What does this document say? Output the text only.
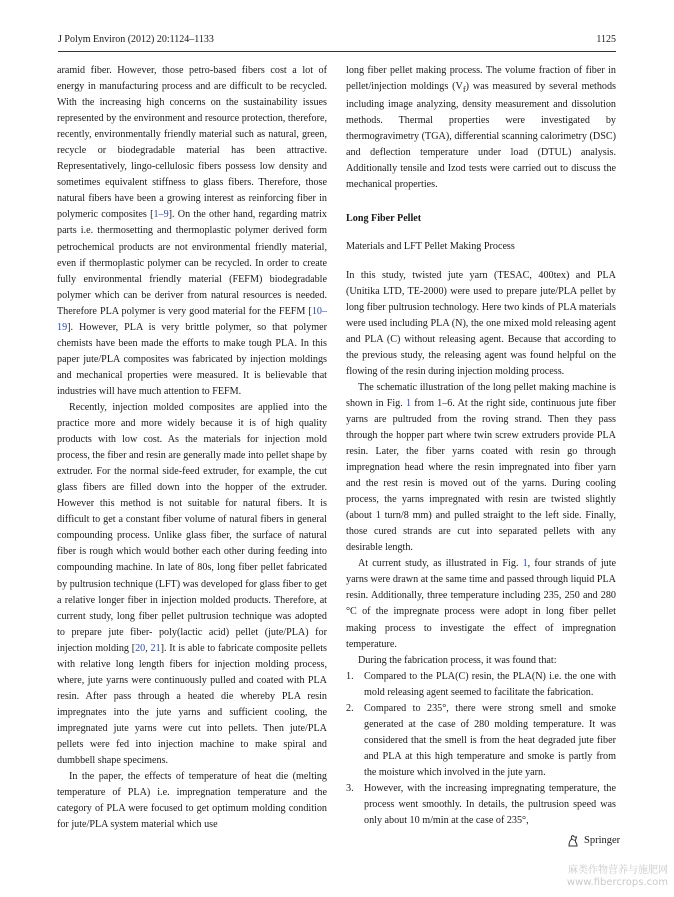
J Polym Environ (2012) 20:1124–1133	1125

aramid fiber. However, those petro-based fibers cost a lot of energy in manufacturing process and are difficult to be recycled. With the increasing high concerns on the sustainability issues represented by the environment and resource protection, therefore, recently, environmentally friendly material such as natural, green, recycle or biodegradable material has been attractive. Representatively, lingo-cellulosic fibers possess low density and sometimes equivalent stiffness to glass fibers. Therefore, those natural fibers have been a growing interest as reinforcing fiber in polymeric composites [1–9]. On the other hand, regarding matrix parts i.e. thermosetting and thermoplastic polymer derived form petrochemical products are not environmental friendly material, even if thermoplastic polymer can be recycled. In order to create fully environmental friendly material (FEFM) biodegradable polymer which can be deriver from natural resources is needed. Therefore PLA polymer is very good material for the FEFM [10–19]. However, PLA is very brittle polymer, so that polymer chemists have been made the efforts to make tough PLA. In this paper jute/PLA composites was fabricated by injection moldings and mechanical properties were measured. It is believable that industries will have much attention to FEFM.

Recently, injection molded composites are applied into the practice more and more widely because it is of high quality products with low cost. As the materials for injection mold process, the fiber and resin are generally made into pellet shape by extruder. For the normal side-feed extruder, for example, the cut glass fibers are filled down into the hopper of the extruder. However this method is not suitable for natural fibers. It is difficult to get a constant fiber volume of natural fibers in general compounding process. Unlike glass fiber, the surface of natural fiber is rough which would bother each other during feeding into compounding machine. In late of 80s, long fiber pellet fabricated by pultrusion technique (LFT) was developed for glass fiber to get a relative longer fiber in injection molded products. Therefore, at current study, long fiber pellet pultrusion technique was adopted to prepare jute fiber- poly(lactic acid) pellet (jute/PLA) for injection molding [20, 21]. It is able to fabricate composite pellets with relative long length fibers for injection molding process, where, jute yarns were continuously pulled and coated with PLA resin. After pass through a heated die whereby PLA resin impregnates into the jute yarns and sufficient cooling, the impregnated jute yarns were cut into pellets. Then jute/PLA pellets were fed into injection machine to make spiral and dumbbell shape specimens.

In the paper, the effects of temperature of heat die (melting temperature of PLA) i.e. impregnation temperature and the category of PLA were focused to get optimum molding condition for jute/PLA system material which use

long fiber pellet making process. The volume fraction of fiber in pellet/injection moldings $(V_f)$ was measured by several methods including image analyzing, density measurement and dissolution methods. Thermal properties were investigated by thermogravimetry (TGA), differential scanning calorimetry (DSC) and deflection temperature under load (DTUL) analysis. Additionally tensile and Izod tests were carried out to discuss the mechanical properties.

Long Fiber Pellet
Materials and LFT Pellet Making Process

In this study, twisted jute yarn (TESAC, 400tex) and PLA (Unitika LTD, TE-2000) were used to prepare jute/PLA pellet by long fiber pultrusion technology. Here two kinds of PLA materials were used including PLA (N), the one mixed mold releasing agent and PLA (C) without releasing agent. Because that according to the previous study, the releasing agent was found helpful on the flowing of the resin during injection molding process.

The schematic illustration of the long pellet making machine is shown in Fig. 1 from 1–6. At the right side, continuous jute fiber yarns are pultruded from the roving strand. Then they pass through the hopper part where twin screw extruders provide PLA resin. Later, the fiber yarns coated with resin go through impregnation head where the resin impregnated into fiber yarn and the rest resin is moved out of the yarns. During cooling process, the yarns impregnated with resin are twisted slightly (about 1 turn/8 mm) and pulled straight to the left side. Finally, those cured strands are cut into separated pellets with any desirable length.

At current study, as illustrated in Fig. 1, four strands of jute yarns were drawn at the same time and passed through liquid PLA resin. Additionally, three temperature including 235, 250 and 280 °C of the impregnate process were adopt in long fiber pellet making process to investigate the effect of impregnation temperature.

During the fabrication process, it was found that:

1. Compared to the PLA(C) resin, the PLA(N) i.e. the one with mold releasing agent seemed to facilitate the fabrication.
2. Compared to 235°, there were strong smell and smoke generated at the case of 280 molding temperature. It was considered that the smell is from the heat degraded jute fiber and PLA at this high temperature and smoke is partly from the moisture which involved in the jute yarn.
3. However, with the increasing impregnating temperature, the process went smoothly. In details, the pultrusion speed was only about 10 m/min at the case of 235°,
Springer
麻类作物营养与施肥网
www.fibercrops.com
